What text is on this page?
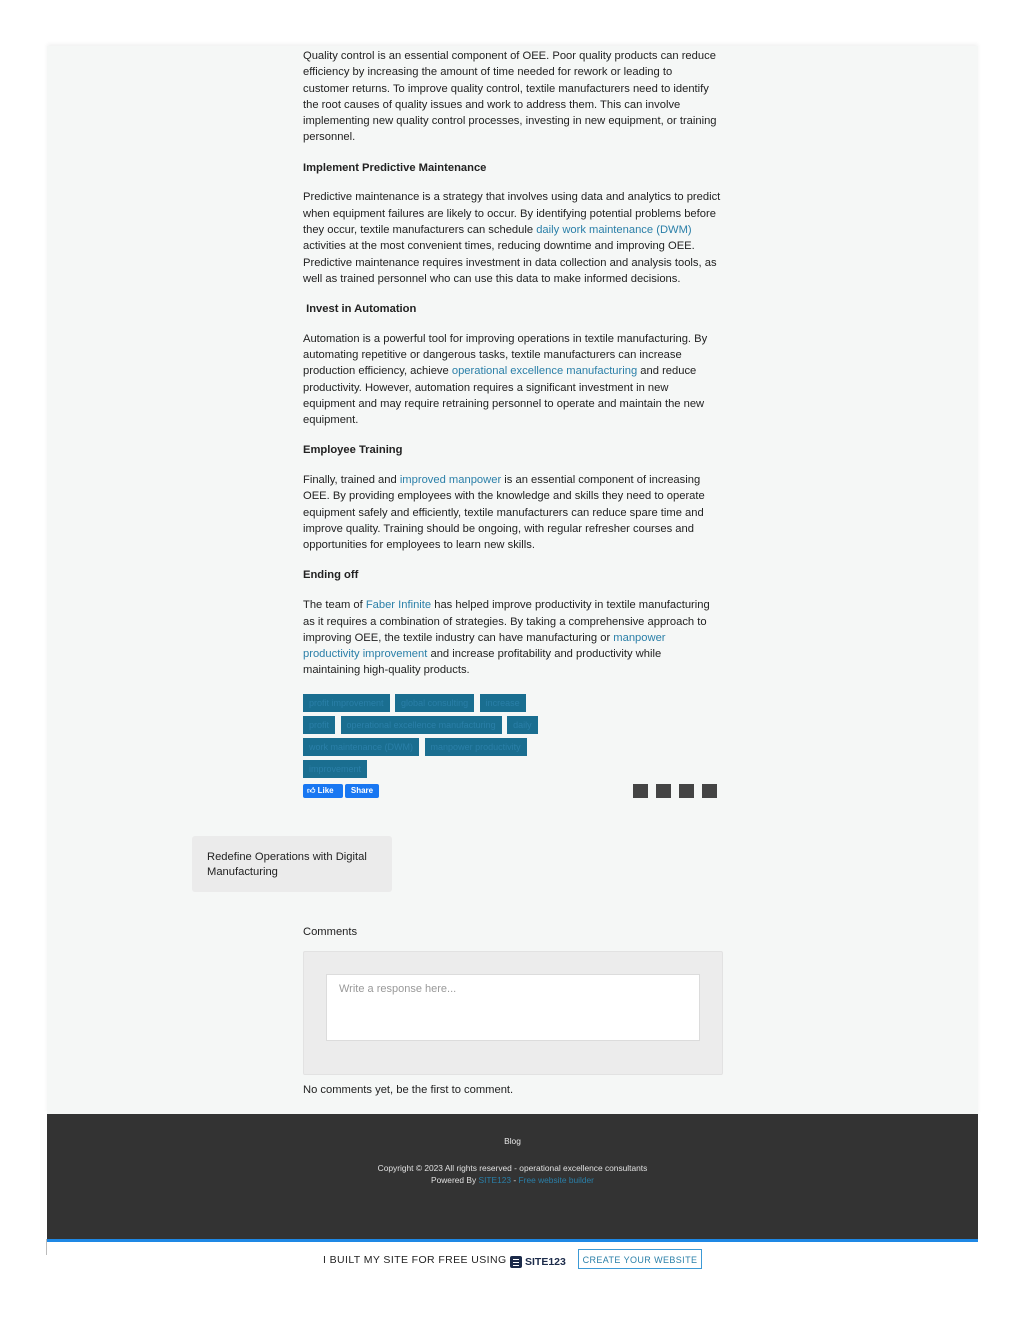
Quality control is an essential component of OEE. Poor quality products can reduce efficiency by increasing the amount of time needed for rework or leading to customer returns. To improve quality control, textile manufacturers need to identify the root causes of quality issues and work to address them. This can involve implementing new quality control processes, investing in new equipment, or training personnel.

Implement Predictive Maintenance

Predictive maintenance is a strategy that involves using data and analytics to predict when equipment failures are likely to occur. By identifying potential problems before they occur, textile manufacturers can schedule daily work maintenance (DWM) activities at the most convenient times, reducing downtime and improving OEE. Predictive maintenance requires investment in data collection and analysis tools, as well as trained personnel who can use this data to make informed decisions.

Invest in Automation

Automation is a powerful tool for improving operations in textile manufacturing. By automating repetitive or dangerous tasks, textile manufacturers can increase production efficiency, achieve operational excellence manufacturing and reduce productivity. However, automation requires a significant investment in new equipment and may require retraining personnel to operate and maintain the new equipment.

Employee Training

Finally, trained and improved manpower is an essential component of increasing OEE. By providing employees with the knowledge and skills they need to operate equipment safely and efficiently, textile manufacturers can reduce spare time and improve quality. Training should be ongoing, with regular refresher courses and opportunities for employees to learn new skills.

Ending off

The team of Faber Infinite has helped improve productivity in textile manufacturing as it requires a combination of strategies. By taking a comprehensive approach to improving OEE, the textile industry can have manufacturing or manpower productivity improvement and increase profitability and productivity while maintaining high-quality products.

profit improvement global consulting increase profit operational excellence manufacturing daily work maintenance (DWM) manpower productivity improvement
👍︎ Like Share
Redefine Operations with Digital Manufacturing
Comments
Write a response here...
No comments yet, be the first to comment.
Blog
Copyright © 2023 All rights reserved - operational excellence consultants
Powered By SITE123 - Free website builder
I BUILT MY SITE FOR FREE USING	SITE123	CREATE YOUR WEBSITE
